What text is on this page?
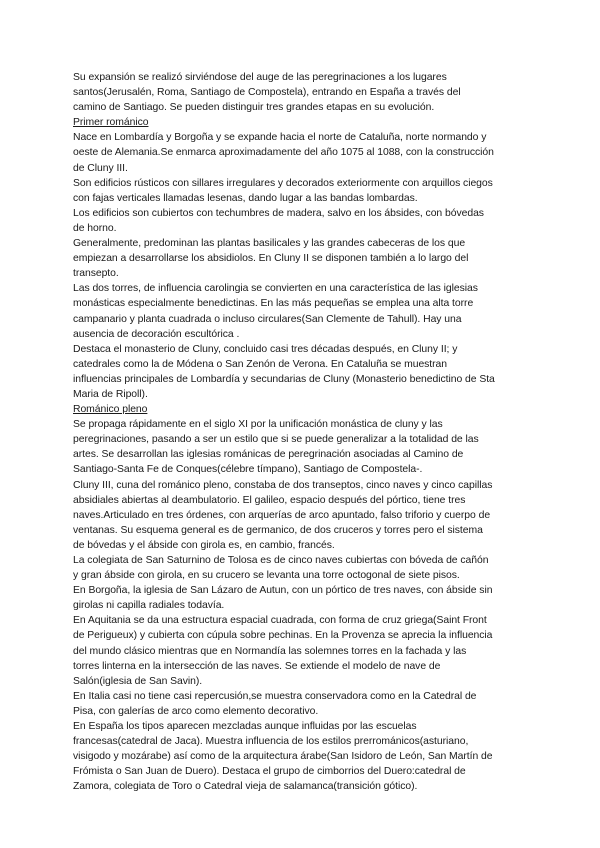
Su expansión se realizó sirviéndose del auge de las peregrinaciones a los lugares
santos(Jerusalén, Roma, Santiago de Compostela), entrando en España a través del
camino de Santiago. Se pueden distinguir tres grandes etapas en su evolución.

Primer románico

Nace en Lombardía y Borgoña y se expande hacia el norte de Cataluña, norte normando y
oeste de Alemania.Se enmarca aproximadamente del año 1075 al 1088, con la construcción
de Cluny III.

Son edificios rústicos con sillares irregulares y decorados exteriormente con arquillos ciegos
con fajas verticales llamadas lesenas, dando lugar a las bandas lombardas.

Los edificios son cubiertos con techumbres de madera, salvo en los ábsides, con bóvedas
de horno.

Generalmente, predominan las plantas basilicales y las grandes cabeceras de los que
empiezan a desarrollarse los absidiolos. En Cluny II se disponen también a lo largo del
transepto.

Las dos torres, de influencia carolingia se convierten en una característica de las iglesias
monásticas especialmente benedictinas. En las más pequeñas se emplea una alta torre
campanario y planta cuadrada o incluso circulares(San Clemente de Tahull). Hay una
ausencia de decoración escultórica .

Destaca el monasterio de Cluny, concluido casi tres décadas después, en Cluny II; y
catedrales como la de Módena o San Zenón de Verona. En Cataluña se muestran
influencias principales de Lombardía y secundarias de Cluny (Monasterio benedictino de Sta
Maria de Ripoll).

Románico pleno

Se propaga rápidamente en el siglo XI por la unificación monástica de cluny y las
peregrinaciones, pasando a ser un estilo que si se puede generalizar a la totalidad de las
artes. Se desarrollan las iglesias románicas de peregrinación asociadas al Camino de
Santiago-Santa Fe de Conques(célebre tímpano), Santiago de Compostela-.

Cluny III, cuna del románico pleno, constaba de dos transeptos, cinco naves y cinco capillas
absidiales abiertas al deambulatorio. El galileo, espacio después del pórtico, tiene tres
naves.Articulado en tres órdenes, con arquerías de arco apuntado, falso triforio y cuerpo de
ventanas. Su esquema general es de germanico, de dos cruceros y torres pero el sistema
de bóvedas y el ábside con girola es, en cambio, francés.

La colegiata de San Saturnino de Tolosa es de cinco naves cubiertas con bóveda de cañón
y gran ábside con girola, en su crucero se levanta una torre octogonal de siete pisos.

En Borgoña, la iglesia de San Lázaro de Autun, con un pórtico de tres naves, con ábside sin
girolas ni capilla radiales todavía.

En Aquitania se da una estructura espacial cuadrada, con forma de cruz griega(Saint Front
de Perigueux) y cubierta con cúpula sobre pechinas. En la Provenza se aprecia la influencia
del mundo clásico mientras que en Normandía las solemnes torres en la fachada y las
torres linterna en la intersección de las naves. Se extiende el modelo de nave de
Salón(iglesia de San Savin).

En Italia casi no tiene casi repercusión,se muestra conservadora como en la Catedral de
Pisa, con galerías de arco como elemento decorativo.

En España los tipos aparecen mezcladas aunque influidas por las escuelas
francesas(catedral de Jaca). Muestra influencia de los estilos prerrománicos(asturiano,
visigodo y mozárabe) así como de la arquitectura árabe(San Isidoro de León, San Martín de
Frómista o San Juan de Duero). Destaca el grupo de cimborrios del Duero:catedral de
Zamora, colegiata de Toro o Catedral vieja de salamanca(transición gótico).
